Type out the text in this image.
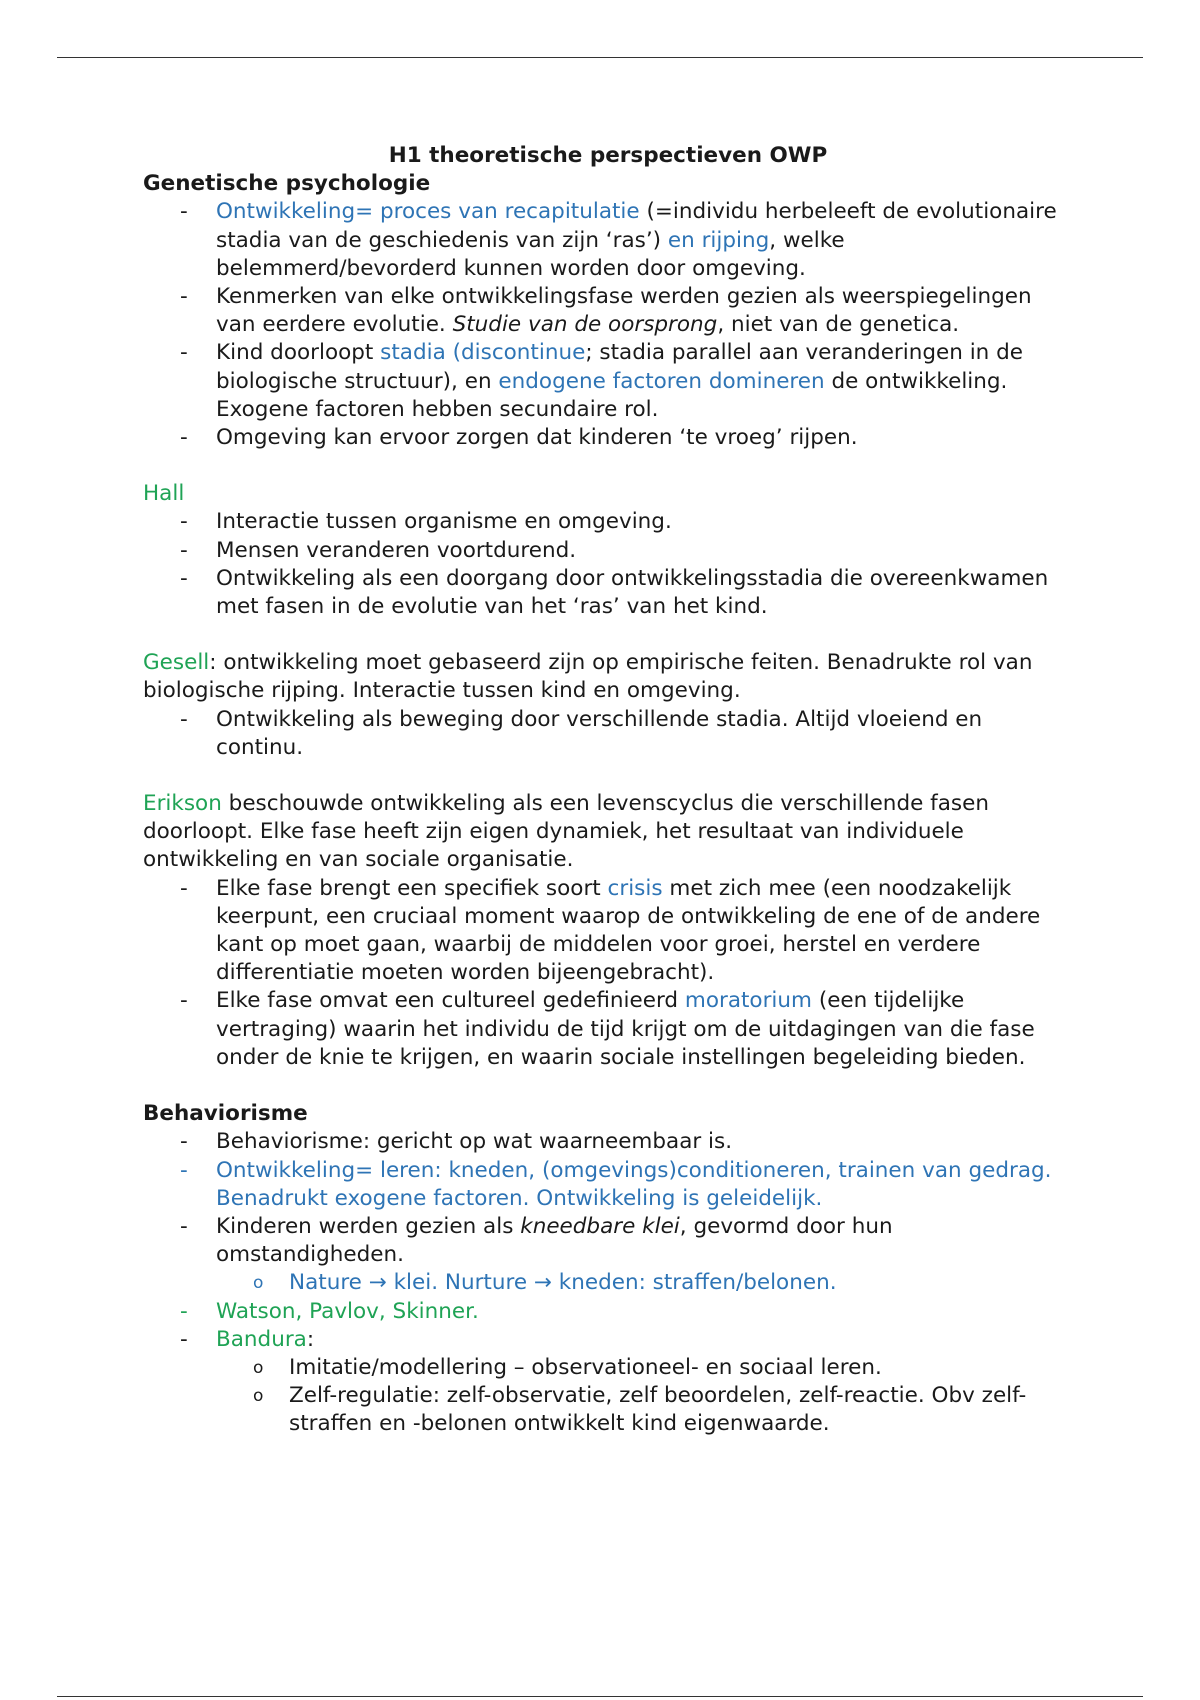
H1 theoretische perspectieven OWP
Genetische psychologie
- Ontwikkeling= proces van recapitulatie (=individu herbeleeft de evolutionaire stadia van de geschiedenis van zijn ‘ras’) en rijping, welke belemmerd/bevorderd kunnen worden door omgeving.
- Kenmerken van elke ontwikkelingsfase werden gezien als weerspiegelingen van eerdere evolutie. Studie van de oorsprong, niet van de genetica.
- Kind doorloopt stadia (discontinue; stadia parallel aan veranderingen in de biologische structuur), en endogene factoren domineren de ontwikkeling. Exogene factoren hebben secundaire rol.
- Omgeving kan ervoor zorgen dat kinderen ‘te vroeg’ rijpen.
Hall
- Interactie tussen organisme en omgeving.
- Mensen veranderen voortdurend.
- Ontwikkeling als een doorgang door ontwikkelingsstadia die overeenkwamen met fasen in de evolutie van het ‘ras’ van het kind.
Gesell: ontwikkeling moet gebaseerd zijn op empirische feiten. Benadrukte rol van biologische rijping. Interactie tussen kind en omgeving.
- Ontwikkeling als beweging door verschillende stadia. Altijd vloeiend en continu.
Erikson beschouwde ontwikkeling als een levenscyclus die verschillende fasen doorloopt. Elke fase heeft zijn eigen dynamiek, het resultaat van individuele ontwikkeling en van sociale organisatie.
- Elke fase brengt een specifiek soort crisis met zich mee (een noodzakelijk keerpunt, een cruciaal moment waarop de ontwikkeling de ene of de andere kant op moet gaan, waarbij de middelen voor groei, herstel en verdere differentiatie moeten worden bijeengebracht).
- Elke fase omvat een cultureel gedefinieerd moratorium (een tijdelijke vertraging) waarin het individu de tijd krijgt om de uitdagingen van die fase onder de knie te krijgen, en waarin sociale instellingen begeleiding bieden.
Behaviorisme
- Behaviorisme: gericht op wat waarneembaar is.
- Ontwikkeling= leren: kneden, (omgevings)conditioneren, trainen van gedrag. Benadrukt exogene factoren. Ontwikkeling is geleidelijk.
- Kinderen werden gezien als kneedbare klei, gevormd door hun omstandigheden.
o Nature → klei. Nurture → kneden: straffen/belonen.
- Watson, Pavlov, Skinner.
- Bandura:
o Imitatie/modellering – observationeel- en sociaal leren.
o Zelf-regulatie: zelf-observatie, zelf beoordelen, zelf-reactie. Obv zelf-straffen en -belonen ontwikkelt kind eigenwaarde.
